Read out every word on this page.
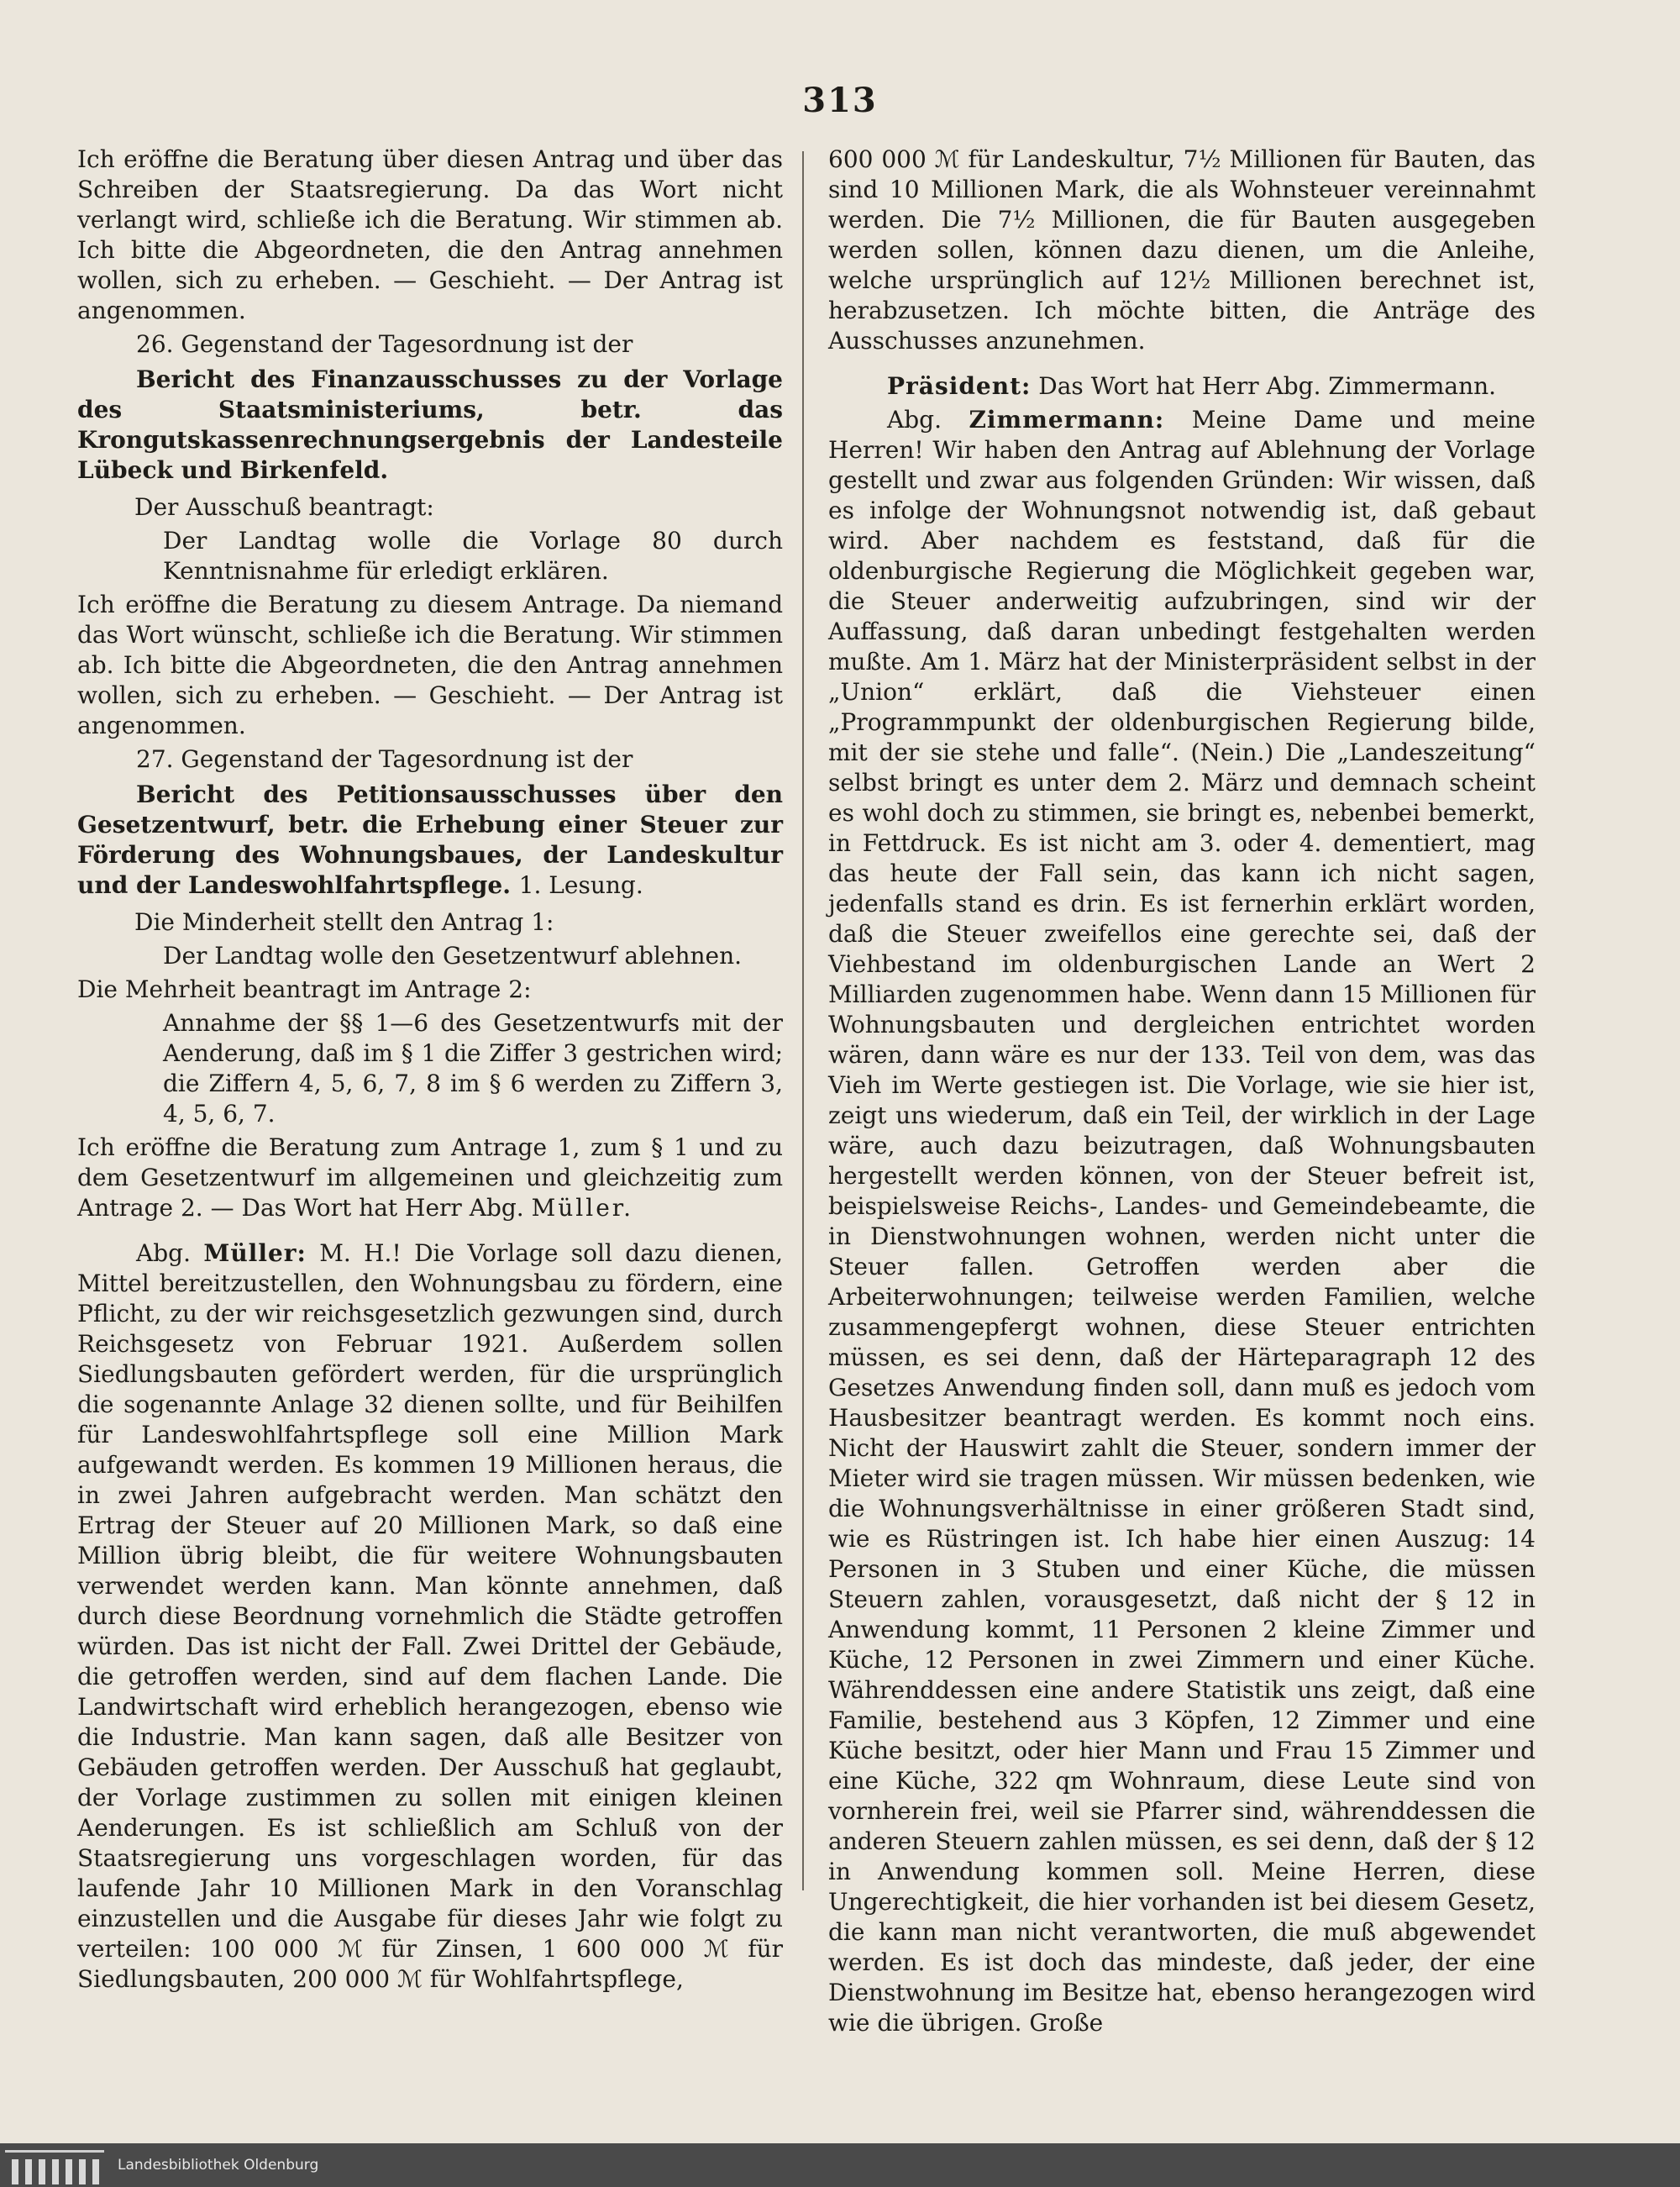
313

Ich eröffne die Beratung über diesen Antrag und über das Schreiben der Staatsregierung. Da das Wort nicht verlangt wird, schließe ich die Beratung. Wir stimmen ab. Ich bitte die Abgeordneten, die den Antrag annehmen wollen, sich zu erheben. — Geschieht. — Der Antrag ist angenommen.

26. Gegenstand der Tagesordnung ist der

Bericht des Finanzausschusses zu der Vorlage des Staatsministeriums, betr. das Krongutskassenrechnungsergebnis der Landesteile Lübeck und Birkenfeld.

Der Ausschuß beantragt:

Der Landtag wolle die Vorlage 80 durch Kenntnisnahme für erledigt erklären.

Ich eröffne die Beratung zu diesem Antrage. Da niemand das Wort wünscht, schließe ich die Beratung. Wir stimmen ab. Ich bitte die Abgeordneten, die den Antrag annehmen wollen, sich zu erheben. — Geschieht. — Der Antrag ist angenommen.

27. Gegenstand der Tagesordnung ist der

Bericht des Petitionsausschusses über den Gesetzentwurf, betr. die Erhebung einer Steuer zur Förderung des Wohnungsbaues, der Landeskultur und der Landeswohlfahrtspflege. 1. Lesung.

Die Minderheit stellt den Antrag 1:

Der Landtag wolle den Gesetzentwurf ablehnen.

Die Mehrheit beantragt im Antrage 2:

Annahme der §§ 1—6 des Gesetzentwurfs mit der Aenderung, daß im § 1 die Ziffer 3 gestrichen wird; die Ziffern 4, 5, 6, 7, 8 im § 6 werden zu Ziffern 3, 4, 5, 6, 7.

Ich eröffne die Beratung zum Antrage 1, zum § 1 und zu dem Gesetzentwurf im allgemeinen und gleichzeitig zum Antrage 2. — Das Wort hat Herr Abg. Müller.

Abg. Müller: M. H.! Die Vorlage soll dazu dienen, Mittel bereitzustellen, den Wohnungsbau zu fördern, eine Pflicht, zu der wir reichsgesetzlich gezwungen sind, durch Reichsgesetz von Februar 1921. Außerdem sollen Siedlungsbauten gefördert werden, für die ursprünglich die sogenannte Anlage 32 dienen sollte, und für Beihilfen für Landeswohlfahrtspflege soll eine Million Mark aufgewandt werden. Es kommen 19 Millionen heraus, die in zwei Jahren aufgebracht werden. Man schätzt den Ertrag der Steuer auf 20 Millionen Mark, so daß eine Million übrig bleibt, die für weitere Wohnungsbauten verwendet werden kann. Man könnte annehmen, daß durch diese Beordnung vornehmlich die Städte getroffen würden. Das ist nicht der Fall. Zwei Drittel der Gebäude, die getroffen werden, sind auf dem flachen Lande. Die Landwirtschaft wird erheblich herangezogen, ebenso wie die Industrie. Man kann sagen, daß alle Besitzer von Gebäuden getroffen werden. Der Ausschuß hat geglaubt, der Vorlage zustimmen zu sollen mit einigen kleinen Aenderungen. Es ist schließlich am Schluß von der Staatsregierung uns vorgeschlagen worden, für das laufende Jahr 10 Millionen Mark in den Voranschlag einzustellen und die Ausgabe für dieses Jahr wie folgt zu verteilen: 100 000 ℳ für Zinsen, 1 600 000 ℳ für Siedlungsbauten, 200 000 ℳ für Wohlfahrtspflege,

600 000 ℳ für Landeskultur, 7½ Millionen für Bauten, das sind 10 Millionen Mark, die als Wohnsteuer vereinnahmt werden. Die 7½ Millionen, die für Bauten ausgegeben werden sollen, können dazu dienen, um die Anleihe, welche ursprünglich auf 12½ Millionen berechnet ist, herabzusetzen. Ich möchte bitten, die Anträge des Ausschusses anzunehmen.

Präsident: Das Wort hat Herr Abg. Zimmermann.

Abg. Zimmermann: Meine Dame und meine Herren! Wir haben den Antrag auf Ablehnung der Vorlage gestellt und zwar aus folgenden Gründen: Wir wissen, daß es infolge der Wohnungsnot notwendig ist, daß gebaut wird. Aber nachdem es feststand, daß für die oldenburgische Regierung die Möglichkeit gegeben war, die Steuer anderweitig aufzubringen, sind wir der Auffassung, daß daran unbedingt festgehalten werden mußte. Am 1. März hat der Ministerpräsident selbst in der „Union“ erklärt, daß die Viehsteuer einen „Programmpunkt der oldenburgischen Regierung bilde, mit der sie stehe und falle“. (Nein.) Die „Landeszeitung“ selbst bringt es unter dem 2. März und demnach scheint es wohl doch zu stimmen, sie bringt es, nebenbei bemerkt, in Fettdruck. Es ist nicht am 3. oder 4. dementiert, mag das heute der Fall sein, das kann ich nicht sagen, jedenfalls stand es drin. Es ist fernerhin erklärt worden, daß die Steuer zweifellos eine gerechte sei, daß der Viehbestand im oldenburgischen Lande an Wert 2 Milliarden zugenommen habe. Wenn dann 15 Millionen für Wohnungsbauten und dergleichen entrichtet worden wären, dann wäre es nur der 133. Teil von dem, was das Vieh im Werte gestiegen ist. Die Vorlage, wie sie hier ist, zeigt uns wiederum, daß ein Teil, der wirklich in der Lage wäre, auch dazu beizutragen, daß Wohnungsbauten hergestellt werden können, von der Steuer befreit ist, beispielsweise Reichs-, Landes- und Gemeindebeamte, die in Dienstwohnungen wohnen, werden nicht unter die Steuer fallen. Getroffen werden aber die Arbeiterwohnungen; teilweise werden Familien, welche zusammengepfergt wohnen, diese Steuer entrichten müssen, es sei denn, daß der Härteparagraph 12 des Gesetzes Anwendung finden soll, dann muß es jedoch vom Hausbesitzer beantragt werden. Es kommt noch eins. Nicht der Hauswirt zahlt die Steuer, sondern immer der Mieter wird sie tragen müssen. Wir müssen bedenken, wie die Wohnungsverhältnisse in einer größeren Stadt sind, wie es Rüstringen ist. Ich habe hier einen Auszug: 14 Personen in 3 Stuben und einer Küche, die müssen Steuern zahlen, vorausgesetzt, daß nicht der § 12 in Anwendung kommt, 11 Personen 2 kleine Zimmer und Küche, 12 Personen in zwei Zimmern und einer Küche. Währenddessen eine andere Statistik uns zeigt, daß eine Familie, bestehend aus 3 Köpfen, 12 Zimmer und eine Küche besitzt, oder hier Mann und Frau 15 Zimmer und eine Küche, 322 qm Wohnraum, diese Leute sind von vornherein frei, weil sie Pfarrer sind, währenddessen die anderen Steuern zahlen müssen, es sei denn, daß der § 12 in Anwendung kommen soll. Meine Herren, diese Ungerechtigkeit, die hier vorhanden ist bei diesem Gesetz, die kann man nicht verantworten, die muß abgewendet werden. Es ist doch das mindeste, daß jeder, der eine Dienstwohnung im Besitze hat, ebenso herangezogen wird wie die übrigen. Große

Landesbibliothek Oldenburg
